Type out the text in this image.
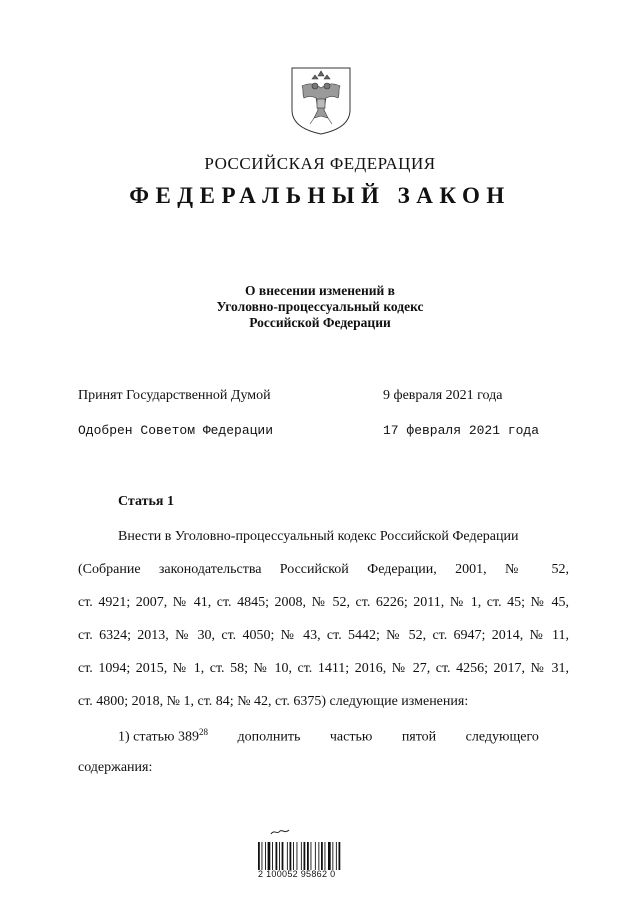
РОССИЙСКАЯ ФЕДЕРАЦИЯ
ФЕДЕРАЛЬНЫЙ ЗАКОН
О внесении изменений в
Уголовно-процессуальный кодекс
Российской Федерации
Принят Государственной Думой	9 февраля 2021 года
Одобрен Советом Федерации	17 февраля 2021 года
Статья 1
Внести в Уголовно-процессуальный кодекс Российской Федерации
(Собрание законодательства Российской Федерации, 2001, № 52,
ст. 4921; 2007, № 41, ст. 4845; 2008, № 52, ст. 6226; 2011, № 1, ст. 45; № 45,
ст. 6324; 2013, № 30, ст. 4050; № 43, ст. 5442; № 52, ст. 6947; 2014, № 11,
ст. 1094; 2015, № 1, ст. 58; № 10, ст. 1411; 2016, № 27, ст. 4256; 2017, № 31,
ст. 4800; 2018, № 1, ст. 84; № 42, ст. 6375) следующие изменения:
1) статью $389^{28}$ дополнить частью пятой следующего
содержания:
2 100052 95862 0
